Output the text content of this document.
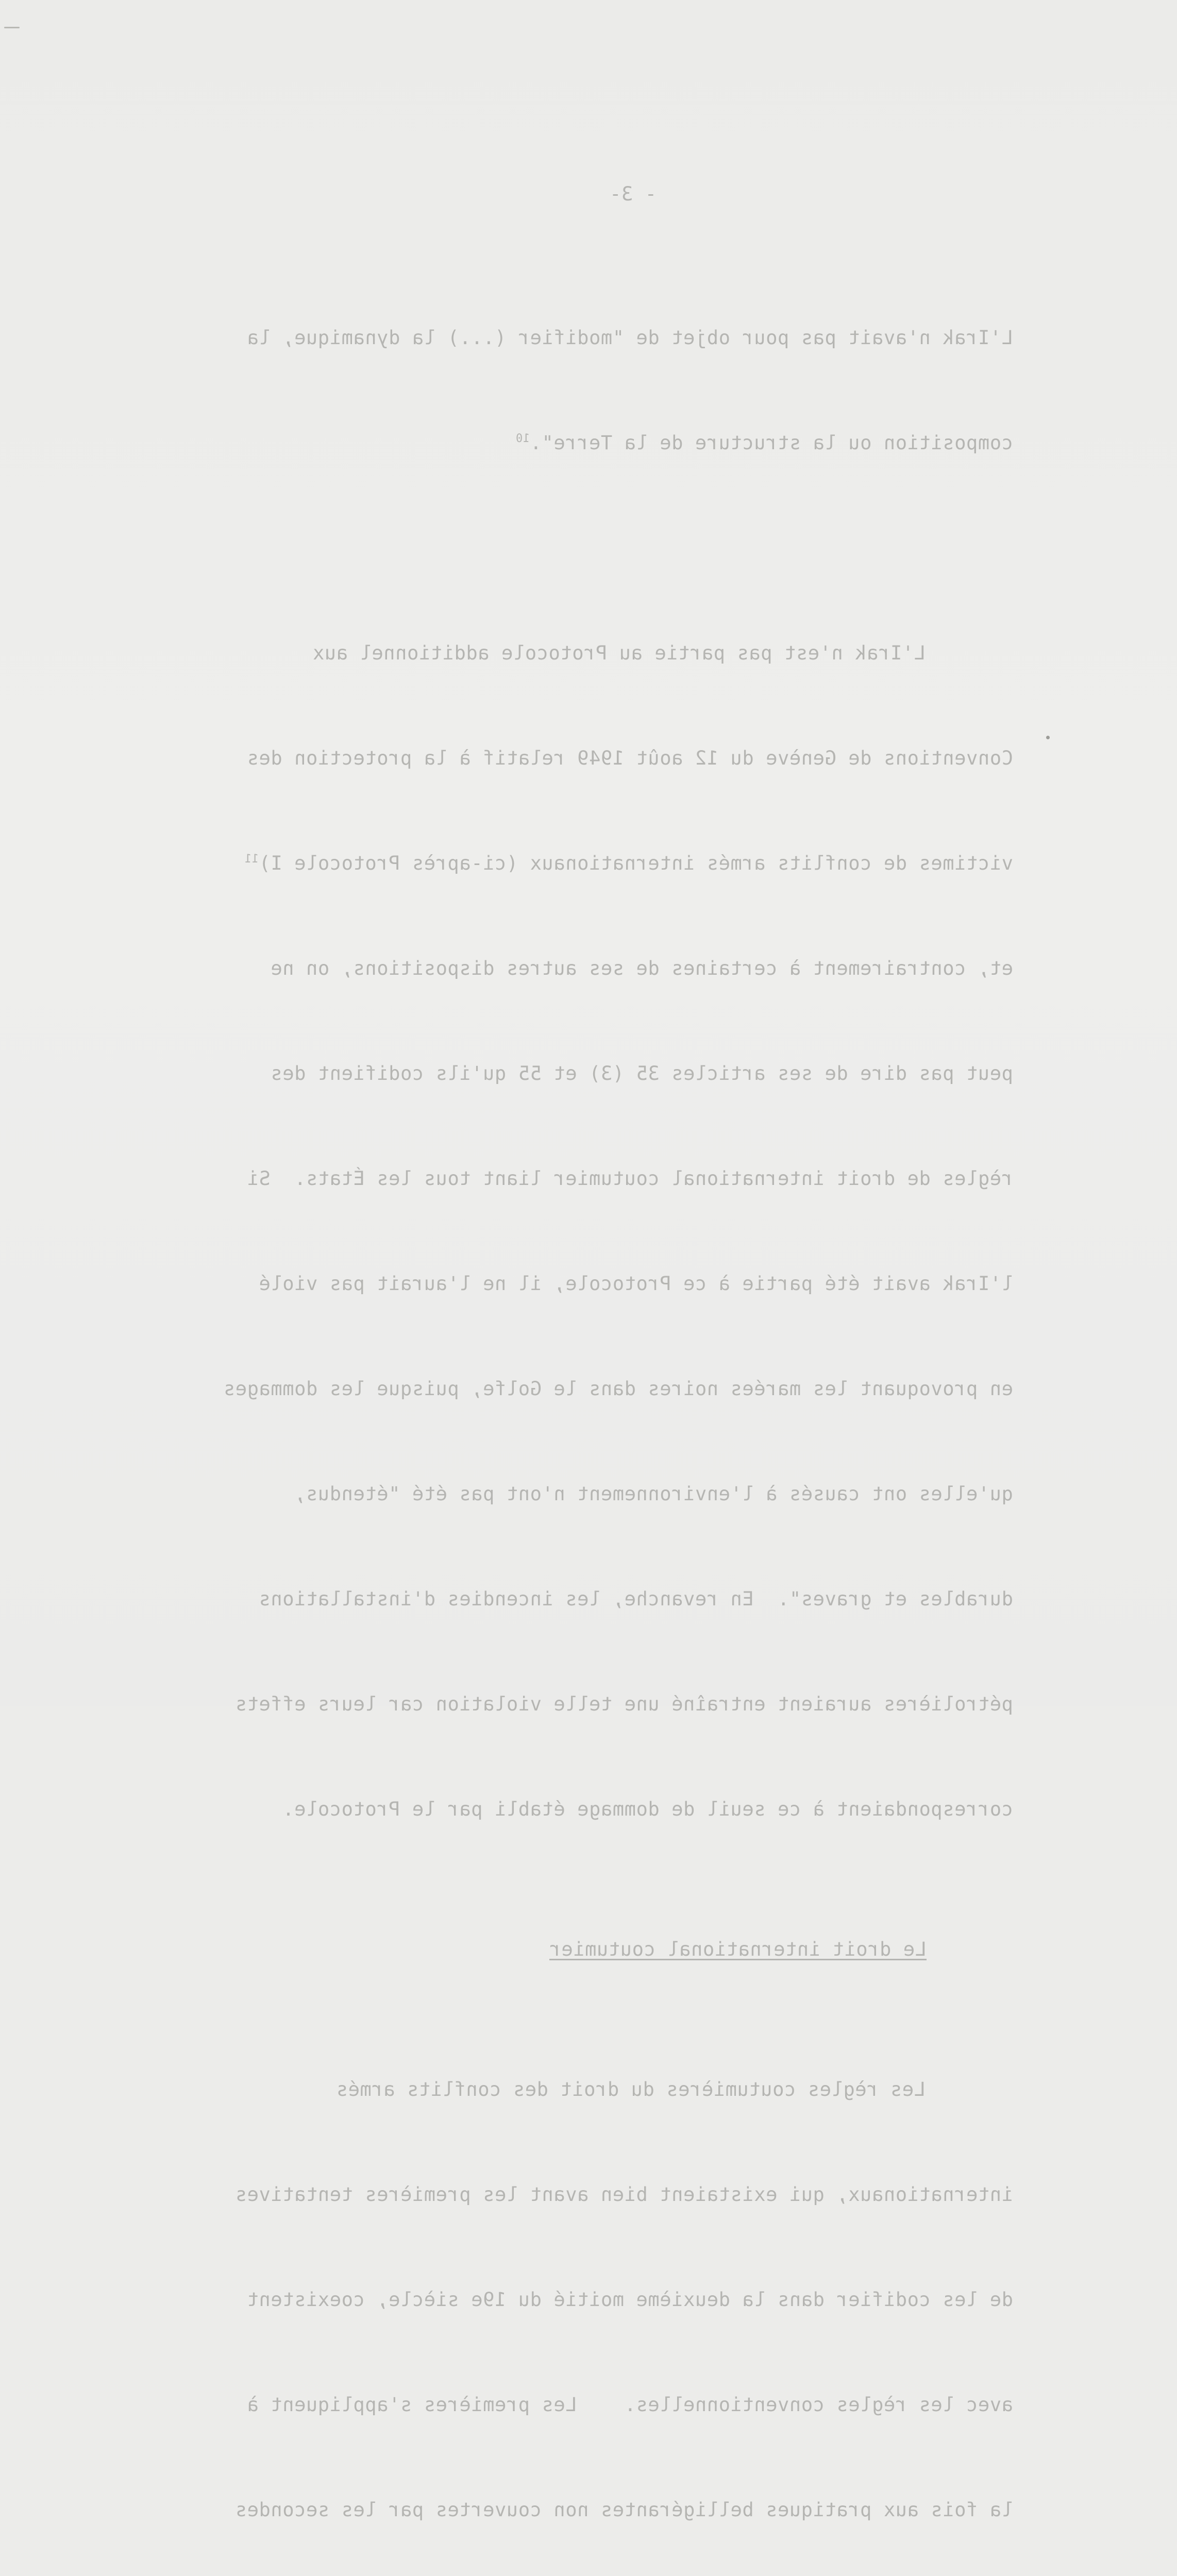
- 3-

L'Irak n'avait pas pour objet de "modifier (...) la dynamique, la

composition ou la structure de la Terre".$^{10}$

L'Irak n'est pas partie au Protocole additionnel aux

Conventions de Genève du 12 août 1949 relatif à la protection des

victimes de conflits armés internationaux (ci-après Protocole I)$^{11}$

et, contrairement à certaines de ses autres dispositions, on ne

peut pas dire de ses articles 35 (3) et 55 qu'ils codifient des

règles de droit international coutumier liant tous les États.  Si

l'Irak avait été partie à ce Protocole, il ne l'aurait pas violé

en provoquant les marées noires dans le Golfe, puisque les dommages

qu'elles ont causés à l'environnement n'ont pas été "étendus,

durables et graves".  En revanche, les incendies d'installations

pétrolières auraient entraîné une telle violation car leurs effets

correspondaient à ce seuil de dommage établi par le Protocole.

Le droit international coutumier

Les règles coutumières du droit des conflits armés

internationaux, qui existaient bien avant les premières tentatives

de les codifier dans la deuxième moitié du 19e siècle, coexistent

avec les règles conventionnelles.    Les premières s'appliquent à

la fois aux pratiques belligérantes non couvertes par les secondes
